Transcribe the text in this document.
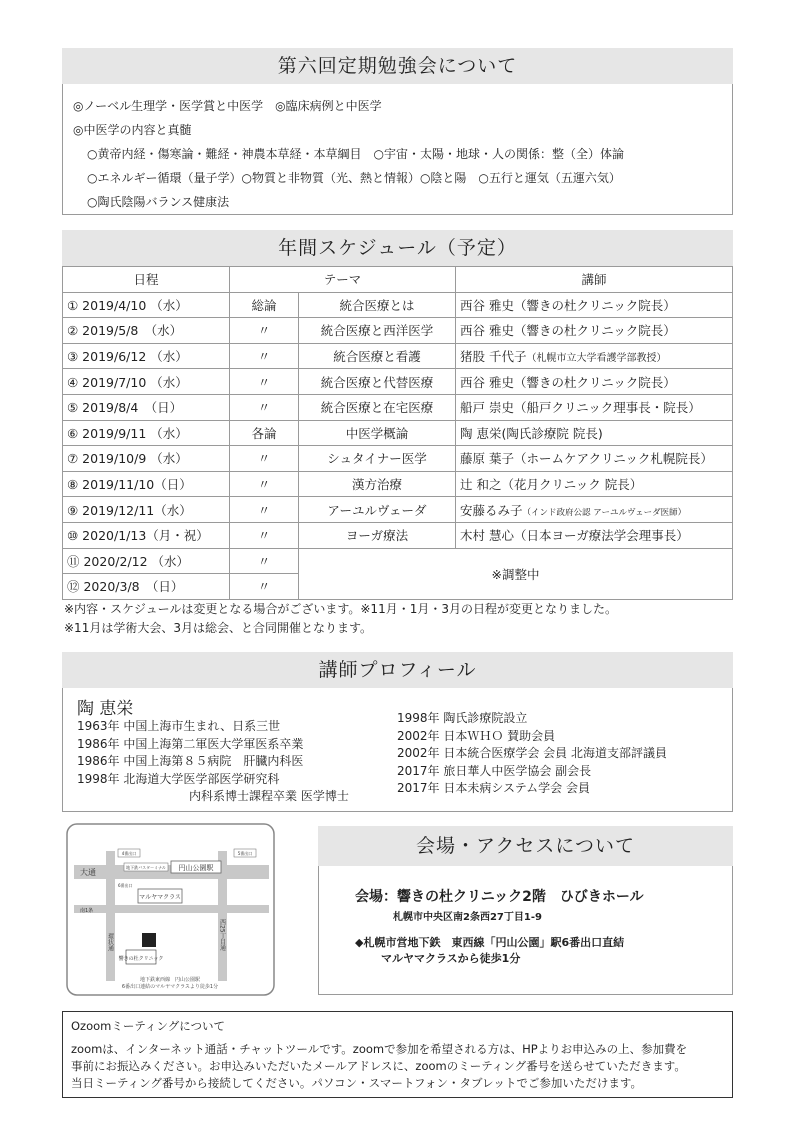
第六回定期勉強会について
◎ノーベル生理学・医学賞と中医学　◎臨床病例と中医学
◎中医学の内容と真髄
○黄帝内経・傷寒論・難経・神農本草経・本草綱目　○宇宙・太陽・地球・人の関係：整（全）体論
○エネルギー循環（量子学）○物質と非物質（光、熱と情報）○陰と陽　○五行と運気（五運六気）
○陶氏陰陽バランス健康法
年間スケジュール（予定）
日程	テーマ		講師
① 2019/4/10 （水）	総論	統合医療とは	西谷 雅史（響きの杜クリニック院長）
② 2019/5/8　（水）	〃	統合医療と西洋医学	西谷 雅史（響きの杜クリニック院長）
③ 2019/6/12 （水）	〃	統合医療と看護	猪股 千代子（札幌市立大学看護学部教授）
④ 2019/7/10 （水）	〃	統合医療と代替医療	西谷 雅史（響きの杜クリニック院長）
⑤ 2019/8/4　（日）	〃	統合医療と在宅医療	船戸 崇史（船戸クリニック理事長・院長）
⑥ 2019/9/11 （水）	各論	中医学概論	陶 恵栄(陶氏診療院 院長)
⑦ 2019/10/9 （水）	〃	シュタイナー医学	藤原 葉子（ホームケアクリニック札幌院長）
⑧ 2019/11/10（日）	〃	漢方治療	辻 和之（花月クリニック 院長）
⑨ 2019/12/11（水）	〃	アーユルヴェーダ	安藤るみ子（インド政府公認 アーユルヴェーダ医師）
⑩ 2020/1/13（月・祝）	〃	ヨーガ療法	木村 慧心（日本ヨーガ療法学会理事長）
⑪ 2020/2/12 （水）	〃	※調整中	
⑫ 2020/3/8　（日）	〃		
※内容・スケジュールは変更となる場合がございます。※11月・1月・3月の日程が変更となりました。
※11月は学術大会、3月は総会、と合同開催となります。
講師プロフィール
陶 恵栄
1963年 中国上海市生まれ、日系三世
1986年 中国上海第二軍医大学軍医系卒業
1986年 中国上海第８５病院　肝臓内科医
1998年 北海道大学医学部医学研究科
内科系博士課程卒業 医学博士
1998年 陶氏診療院設立
2002年 日本ＷＨＯ 賛助会員
2002年 日本統合医療学会 会員 北海道支部評議員
2017年 旅日華人中医学協会 副会長
2017年 日本未病システム学会 会員
円山公園駅
4番出口	5番出口
地下鉄バスターミナル
大通
マルヤマクラス
6番出口
南1条
響きの杜クリニック
環状通	西25丁目通
地下鉄東西線　円山公園駅
6番出口連結のマルヤマクラスより徒歩1分
会場・アクセスについて
会場：響きの杜クリニック2階　ひびきホール
札幌市中央区南2条西27丁目1-9
◆札幌市営地下鉄　東西線「円山公園」駅6番出口直結
マルヤマクラスから徒歩1分
Ozoomミーティングについて
zoomは、インターネット通話・チャットツールです。zoomで参加を希望される方は、HPよりお申込みの上、参加費を
事前にお振込みください。お申込みいただいたメールアドレスに、zoomのミーティング番号を送らせていただきます。
当日ミーティング番号から接続してください。パソコン・スマートフォン・タブレットでご参加いただけます。
